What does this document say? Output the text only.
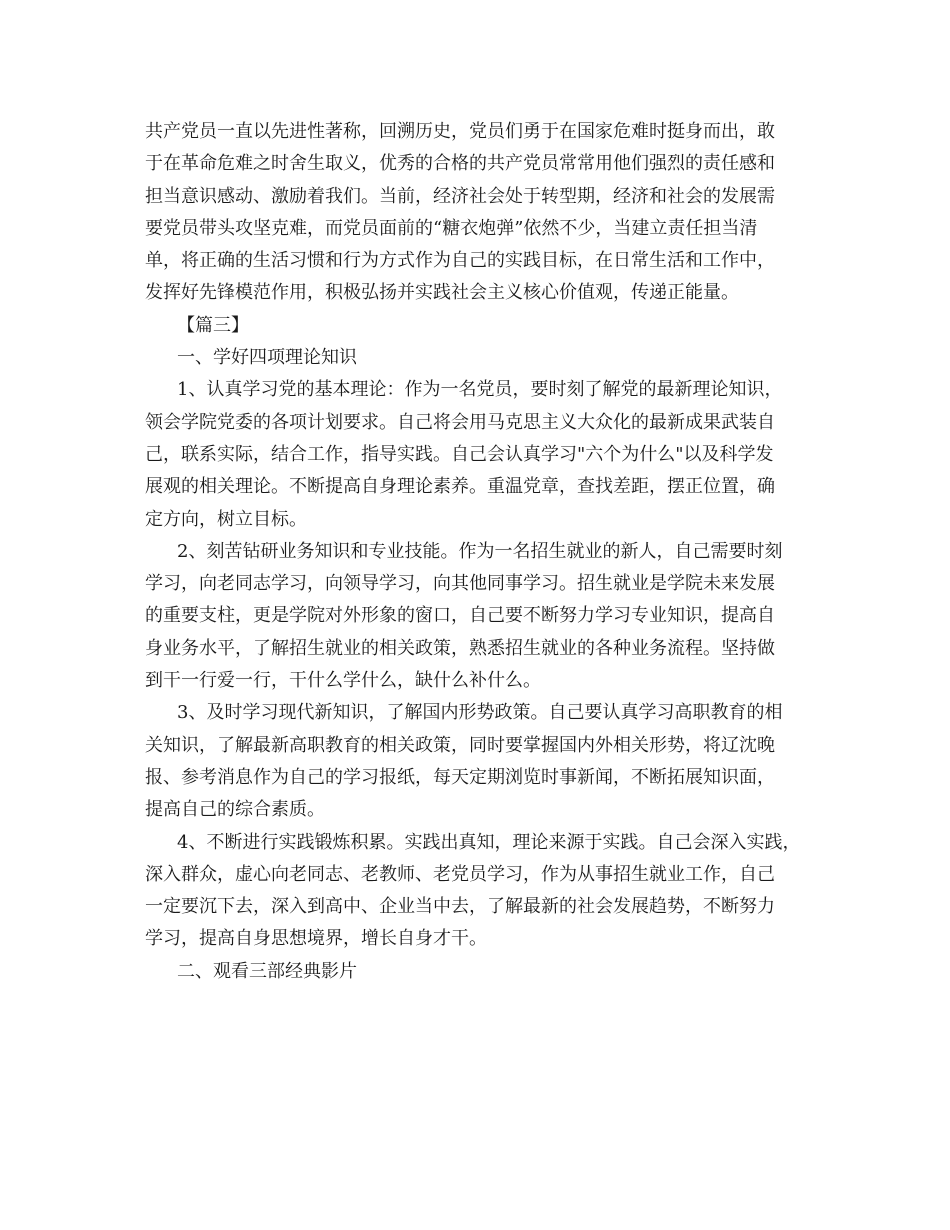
共产党员一直以先进性著称，回溯历史，党员们勇于在国家危难时挺身而出，敢
于在革命危难之时舍生取义，优秀的合格的共产党员常常用他们强烈的责任感和
担当意识感动、激励着我们。当前，经济社会处于转型期，经济和社会的发展需
要党员带头攻坚克难，而党员面前的“糖衣炮弹”依然不少，当建立责任担当清
单，将正确的生活习惯和行为方式作为自己的实践目标，在日常生活和工作中，
发挥好先锋模范作用，积极弘扬并实践社会主义核心价值观，传递正能量。
【篇三】
一、学好四项理论知识
1、认真学习党的基本理论：作为一名党员，要时刻了解党的最新理论知识，
领会学院党委的各项计划要求。自己将会用马克思主义大众化的最新成果武装自
己，联系实际，结合工作，指导实践。自己会认真学习"六个为什么"以及科学发
展观的相关理论。不断提高自身理论素养。重温党章，查找差距，摆正位置，确
定方向，树立目标。
2、刻苦钻研业务知识和专业技能。作为一名招生就业的新人，自己需要时刻
学习，向老同志学习，向领导学习，向其他同事学习。招生就业是学院未来发展
的重要支柱，更是学院对外形象的窗口，自己要不断努力学习专业知识，提高自
身业务水平，了解招生就业的相关政策，熟悉招生就业的各种业务流程。坚持做
到干一行爱一行，干什么学什么，缺什么补什么。
3、及时学习现代新知识，了解国内形势政策。自己要认真学习高职教育的相
关知识，了解最新高职教育的相关政策，同时要掌握国内外相关形势，将辽沈晚
报、参考消息作为自己的学习报纸，每天定期浏览时事新闻，不断拓展知识面，
提高自己的综合素质。
4、不断进行实践锻炼积累。实践出真知，理论来源于实践。自己会深入实践，
深入群众，虚心向老同志、老教师、老党员学习，作为从事招生就业工作，自己
一定要沉下去，深入到高中、企业当中去，了解最新的社会发展趋势，不断努力
学习，提高自身思想境界，增长自身才干。
二、观看三部经典影片
